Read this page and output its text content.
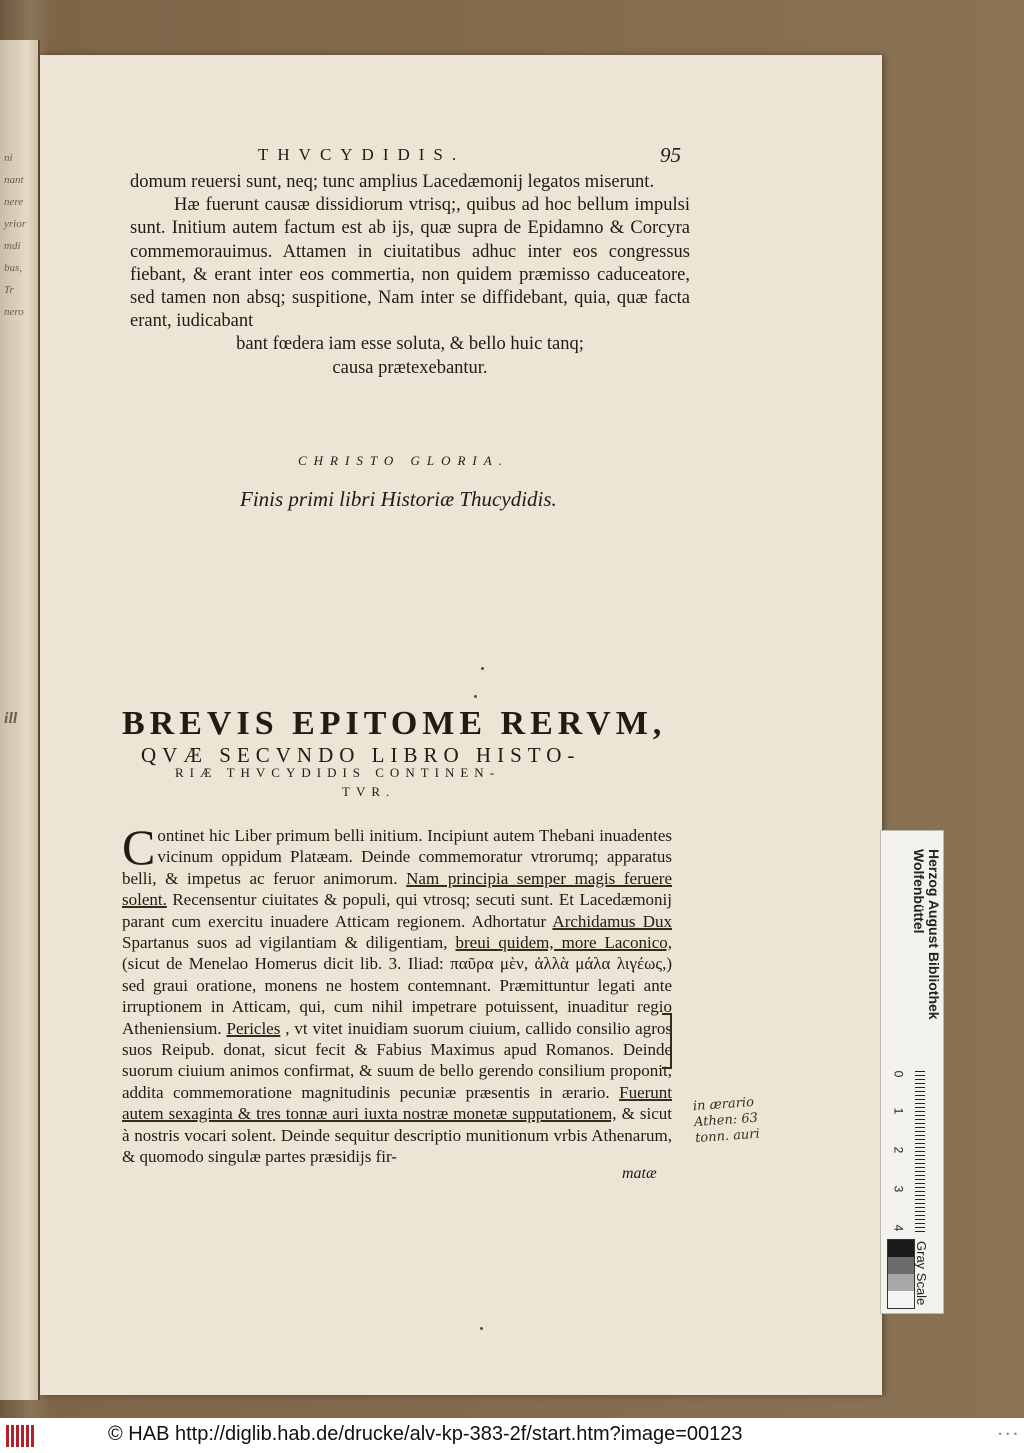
ni
nant
nere
yrior
mdi
bus,
Tr
nero
ill
THVCYDIDIS.	95

domum reuersi sunt, neq; tunc amplius Lacedæmonij legatos miserunt.

Hæ fuerunt causæ dissidiorum vtrisq;, quibus ad hoc bellum impulsi sunt. Initium autem factum est ab ijs, quæ supra de Epidamno & Corcyra commemorauimus. Attamen in ciuitatibus adhuc inter eos congressus fiebant, & erant inter eos commertia, non quidem præmisso caduceatore, sed tamen non absq; suspitione, Nam inter se diffidebant, quia, quæ facta erant, iudicabant

bant fœdera iam esse soluta, & bello huic tanq;
causa prætexebantur.
CHRISTO GLORIA.
Finis primi libri Historiæ Thucydidis.
BREVIS EPITOME RERVM,
QVÆ SECVNDO LIBRO HISTO-
RIÆ THVCYDIDIS CONTINEN-
TVR.

C ontinet hic Liber primum belli initium. Incipiunt autem Thebani inuadentes vicinum oppidum Platæam. Deinde commemoratur vtrorumq; apparatus belli, & impetus ac feruor animorum. Nam principia semper magis feruere solent. Recensentur ciuitates & populi, qui vtrosq; secuti sunt. Et Lacedæmonij parant cum exercitu inuadere Atticam regionem. Adhortatur Archidamus Dux Spartanus suos ad vigilantiam & diligentiam, breui quidem, more Laconico, (sicut de Menelao Homerus dicit lib. 3. Iliad: παῦρα μὲν, ἀλλὰ μάλα λιγέως,) sed graui oratione, monens ne hostem contemnant. Præmittuntur legati ante irruptionem in Atticam, qui, cum nihil impetrare potuissent, inuaditur regio Atheniensium. Pericles , vt vitet inuidiam suorum ciuium, callido consilio agros suos Reipub. donat, sicut fecit & Fabius Maximus apud Romanos. Deinde suorum ciuium animos confirmat, & suum de bello gerendo consilium proponit, addita commemoratione magnitudinis pecuniæ præsentis in ærario. Fuerunt autem sexaginta & tres tonnæ auri iuxta nostræ monetæ supputationem, & sicut à nostris vocari solent. Deinde sequitur descriptio munitionum vrbis Athenarum, & quomodo singulæ partes præsidijs fir-

matæ
in ærario
Athen: 63
tonn. auri
Herzog August Bibliothek
Wolfenbüttel
0
1
2
3
4
Gray Scale
© HAB http://diglib.hab.de/drucke/alv-kp-383-2f/start.htm?image=00123	• • •
